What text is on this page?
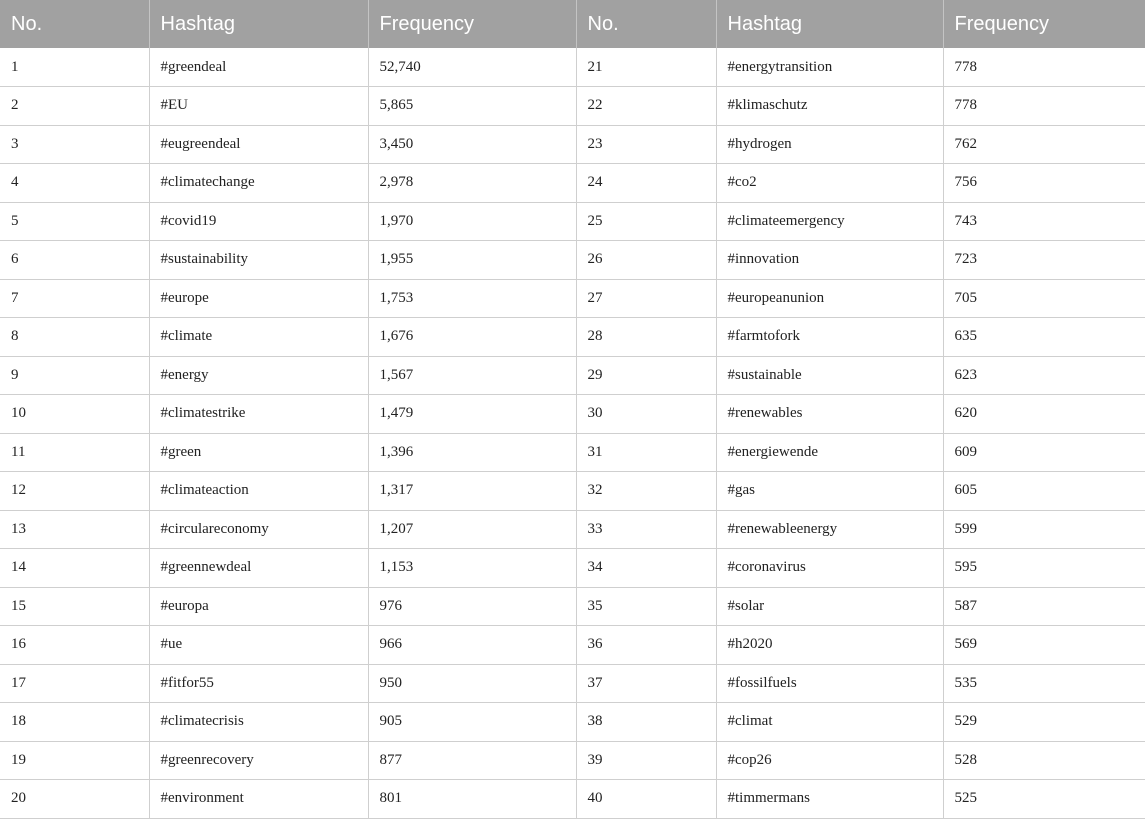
No.	Hashtag	Frequency	No.	Hashtag	Frequency
1	#greendeal	52,740	21	#energytransition	778
2	#EU	5,865	22	#klimaschutz	778
3	#eugreendeal	3,450	23	#hydrogen	762
4	#climatechange	2,978	24	#co2	756
5	#covid19	1,970	25	#climateemergency	743
6	#sustainability	1,955	26	#innovation	723
7	#europe	1,753	27	#europeanunion	705
8	#climate	1,676	28	#farmtofork	635
9	#energy	1,567	29	#sustainable	623
10	#climatestrike	1,479	30	#renewables	620
11	#green	1,396	31	#energiewende	609
12	#climateaction	1,317	32	#gas	605
13	#circulareconomy	1,207	33	#renewableenergy	599
14	#greennewdeal	1,153	34	#coronavirus	595
15	#europa	976	35	#solar	587
16	#ue	966	36	#h2020	569
17	#fitfor55	950	37	#fossilfuels	535
18	#climatecrisis	905	38	#climat	529
19	#greenrecovery	877	39	#cop26	528
20	#environment	801	40	#timmermans	525
